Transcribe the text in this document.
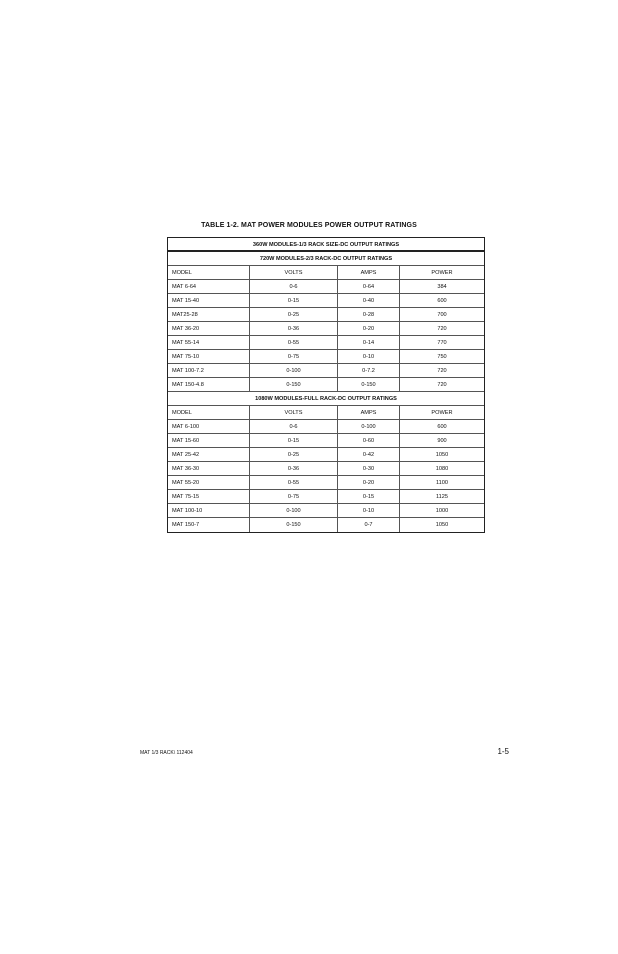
TABLE 1-2. MAT POWER MODULES POWER OUTPUT RATINGS
360W MODULES-1/3 RACK SIZE-DC OUTPUT RATINGS
720W MODULES-2/3 RACK-DC OUTPUT RATINGS
MODEL	VOLTS	AMPS	POWER
MAT 6-64	0-6	0-64	384
MAT 15-40	0-15	0-40	600
MAT25-28	0-25	0-28	700
MAT 36-20	0-36	0-20	720
MAT 55-14	0-55	0-14	770
MAT 75-10	0-75	0-10	750
MAT 100-7.2	0-100	0-7.2	720
MAT 150-4.8	0-150	0-150	720
1080W MODULES-FULL RACK-DC OUTPUT RATINGS
MODEL	VOLTS	AMPS	POWER
MAT 6-100	0-6	0-100	600
MAT 15-60	0-15	0-60	900
MAT 25-42	0-25	0-42	1050
MAT 36-30	0-36	0-30	1080
MAT 55-20	0-55	0-20	1100
MAT 75-15	0-75	0-15	1125
MAT 100-10	0-100	0-10	1000
MAT 150-7	0-150	0-7	1050
MAT 1/3 RACK\ 112404	1-5
